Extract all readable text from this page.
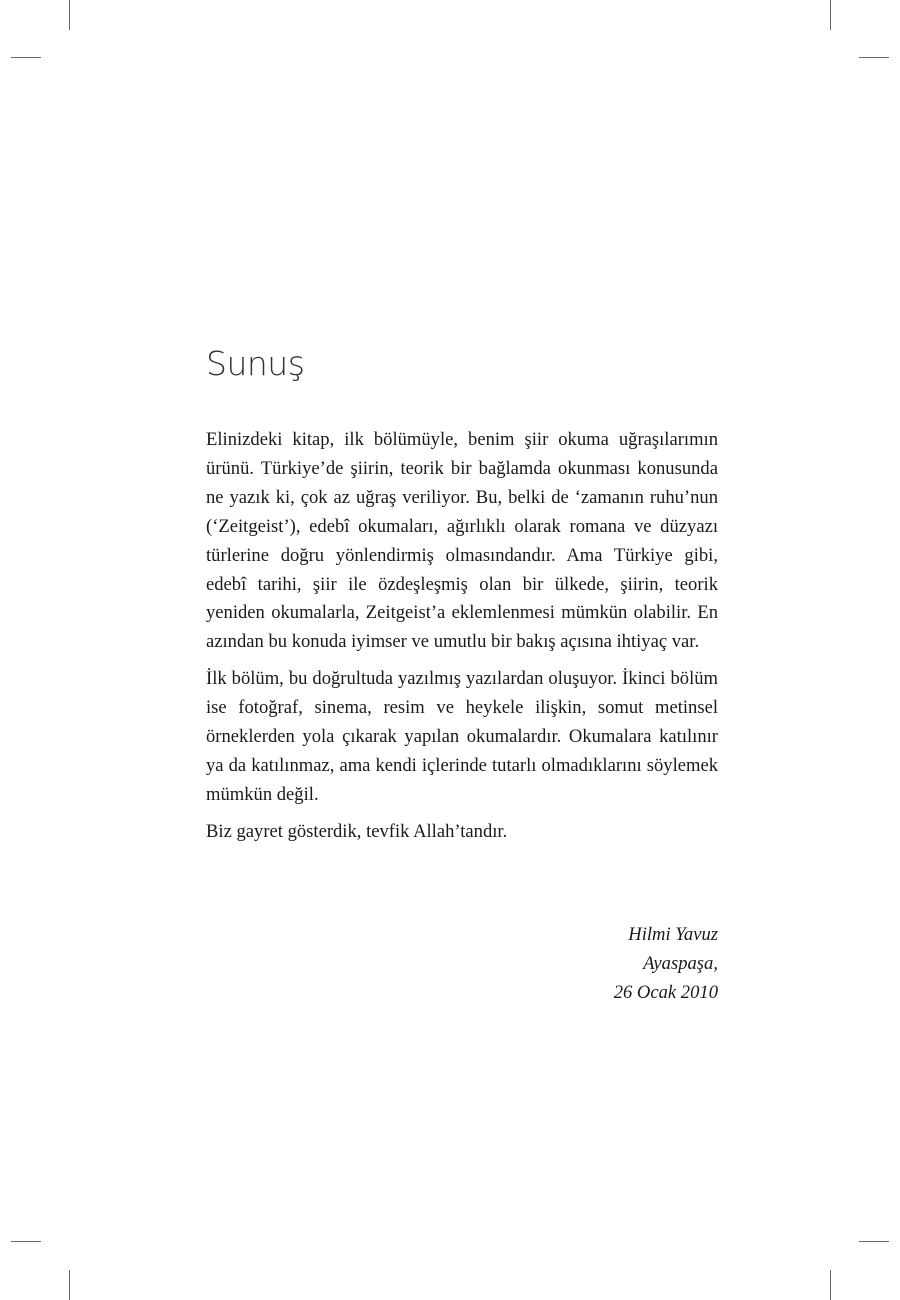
Sunuş

Elinizdeki kitap, ilk bölümüyle, benim şiir okuma uğraşılarımın ürünü. Türkiye’de şiirin, teorik bir bağlamda okunması konusunda ne yazık ki, çok az uğraş veriliyor. Bu, belki de ‘zamanın ruhu’nun (‘Zeitgeist’), edebî okumaları, ağırlıklı olarak romana ve düzyazı türlerine doğru yönlendirmiş olmasındandır. Ama Türkiye gibi, edebî tarihi, şiir ile özdeşleşmiş olan bir ülkede, şiirin, teorik yeniden okumalarla, Zeitgeist’a eklemlenmesi mümkün olabilir. En azından bu konuda iyimser ve umutlu bir bakış açısına ihtiyaç var.

İlk bölüm, bu doğrultuda yazılmış yazılardan oluşuyor. İkinci bölüm ise fotoğraf, sinema, resim ve heykele ilişkin, somut metinsel örneklerden yola çıkarak yapılan okumalardır. Okumalara katılınır ya da katılınmaz, ama kendi içlerinde tutarlı olmadıklarını söylemek mümkün değil.

Biz gayret gösterdik, tevfik Allah’tandır.

Hilmi Yavuz
Ayaspaşa,
26 Ocak 2010
